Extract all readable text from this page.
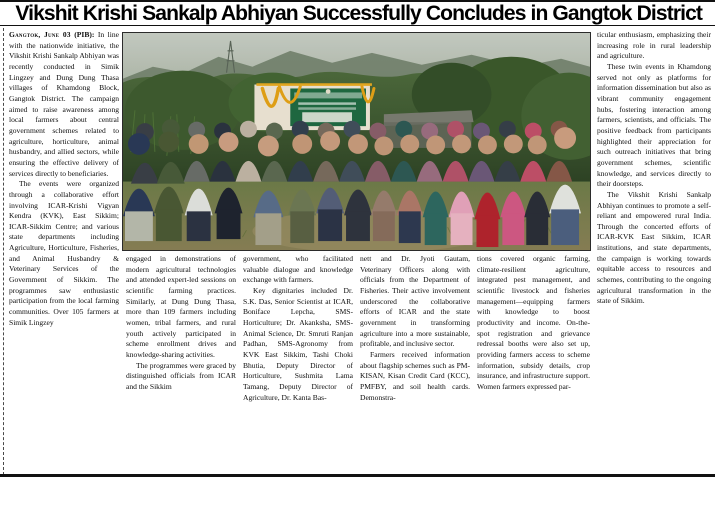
Vikshit Krishi Sankalp Abhiyan Successfully Concludes in Gangtok District

Gangtok, June 03 (PIB): In line with the nationwide initiative, the Vikshit Krishi Sankalp Abhiyan was recently conducted in Simik Lingzey and Dung Dung Thasa villages of Khamdong Block, Gangtok District. The campaign aimed to raise awareness among local farmers about central government schemes related to agriculture, horticulture, animal husbandry, and allied sectors, while ensuring the effective delivery of services directly to beneficiaries.

The events were organized through a collaborative effort involving ICAR-Krishi Vigyan Kendra (KVK), East Sikkim; ICAR-Sikkim Centre; and various state departments including Agriculture, Horticulture, Fisheries, and Animal Husbandry & Veterinary Services of the Government of Sikkim. The programmes saw enthusiastic participation from the local farming communities. Over 105 farmers at Simik Lingzey

engaged in demonstrations of modern agricultural technologies and attended expert-led sessions on scientific farming practices. Similarly, at Dung Dung Thasa, more than 109 farmers including women, tribal farmers, and rural youth actively participated in scheme enrollment drives and knowledge-sharing activities.

The programmes were graced by distinguished officials from ICAR and the Sikkim

government, who facilitated valuable dialogue and knowledge exchange with farmers.

Key dignitaries included Dr. S.K. Das, Senior Scientist at ICAR, Boniface Lepcha, SMS-Horticulture; Dr. Akanksha, SMS-Animal Science, Dr. Smruti Ranjan Padhan, SMS-Agronomy from KVK East Sikkim, Tashi Choki Bhutia, Deputy Director of Horticulture, Sushmita Lama Tamang, Deputy Director of Agriculture, Dr. Kanta Bas-

nett and Dr. Jyoti Gautam, Veterinary Officers along with officials from the Department of Fisheries. Their active involvement underscored the collaborative efforts of ICAR and the state government in transforming agriculture into a more sustainable, profitable, and inclusive sector.

Farmers received information about flagship schemes such as PM-KISAN, Kisan Credit Card (KCC), PMFBY, and soil health cards. Demonstra-

tions covered organic farming, climate-resilient agriculture, integrated pest management, and scientific livestock and fisheries management—equipping farmers with knowledge to boost productivity and income. On-the-spot registration and grievance redressal booths were also set up, providing farmers access to scheme information, subsidy details, crop insurance, and infrastructure support. Women farmers expressed par-

ticular enthusiasm, emphasizing their increasing role in rural leadership and agriculture.

These twin events in Khamdong served not only as platforms for information dissemination but also as vibrant community engagement hubs, fostering interaction among farmers, scientists, and officials. The positive feedback from participants highlighted their appreciation for such outreach initiatives that bring government schemes, scientific knowledge, and services directly to their doorsteps.

The Vikshit Krishi Sankalp Abhiyan continues to promote a self-reliant and empowered rural India. Through the concerted efforts of ICAR-KVK East Sikkim, ICAR institutions, and state departments, the campaign is working towards equitable access to resources and schemes, contributing to the ongoing agricultural transformation in the state of Sikkim.
